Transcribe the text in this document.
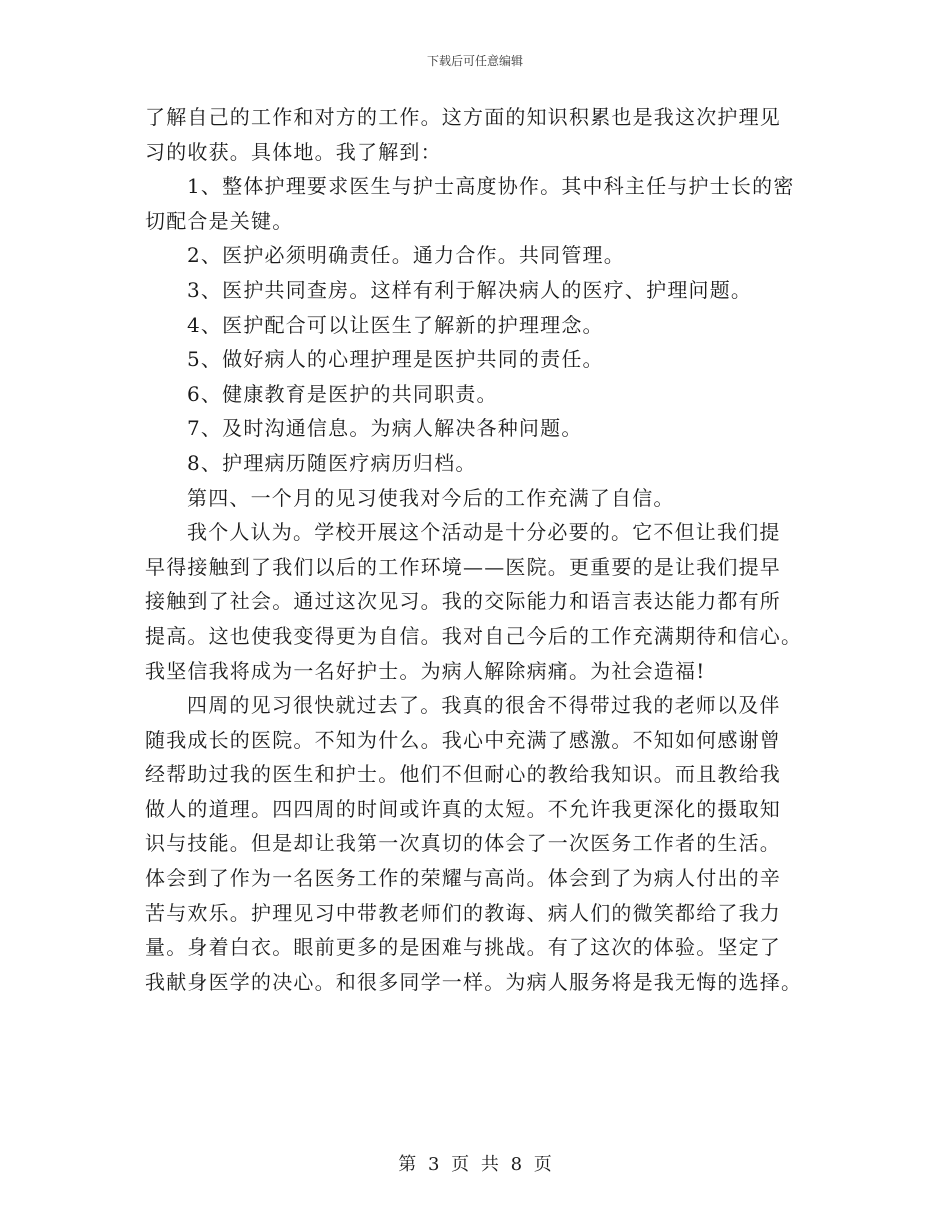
下载后可任意编辑
了解自己的工作和对方的工作。这方面的知识积累也是我这次护理见
习的收获。具体地。我了解到：
1、整体护理要求医生与护士高度协作。其中科主任与护士长的密
切配合是关键。
2、医护必须明确责任。通力合作。共同管理。
3、医护共同查房。这样有利于解决病人的医疗、护理问题。
4、医护配合可以让医生了解新的护理理念。
5、做好病人的心理护理是医护共同的责任。
6、健康教育是医护的共同职责。
7、及时沟通信息。为病人解决各种问题。
8、护理病历随医疗病历归档。
第四、一个月的见习使我对今后的工作充满了自信。
我个人认为。学校开展这个活动是十分必要的。它不但让我们提
早得接触到了我们以后的工作环境——医院。更重要的是让我们提早
接触到了社会。通过这次见习。我的交际能力和语言表达能力都有所
提高。这也使我变得更为自信。我对自己今后的工作充满期待和信心。
我坚信我将成为一名好护士。为病人解除病痛。为社会造福!
四周的见习很快就过去了。我真的很舍不得带过我的老师以及伴
随我成长的医院。不知为什么。我心中充满了感激。不知如何感谢曾
经帮助过我的医生和护士。他们不但耐心的教给我知识。而且教给我
做人的道理。四四周的时间或许真的太短。不允许我更深化的摄取知
识与技能。但是却让我第一次真切的体会了一次医务工作者的生活。
体会到了作为一名医务工作的荣耀与高尚。体会到了为病人付出的辛
苦与欢乐。护理见习中带教老师们的教诲、病人们的微笑都给了我力
量。身着白衣。眼前更多的是困难与挑战。有了这次的体验。坚定了
我献身医学的决心。和很多同学一样。为病人服务将是我无悔的选择。
第 3 页 共 8 页
